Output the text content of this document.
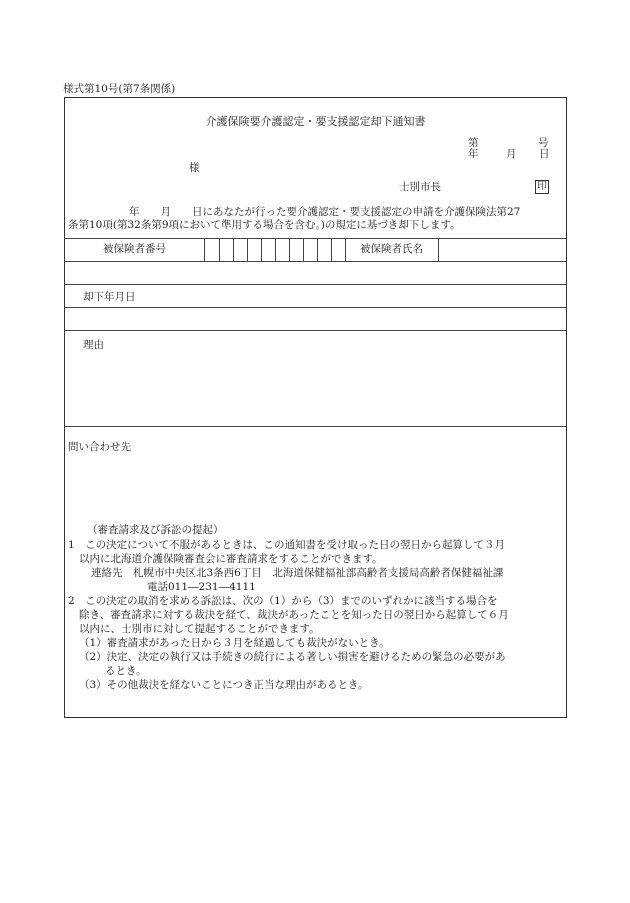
様式第10号(第7条関係)
介護保険要介護認定・要支援認定却下通知書
第	号
年	月 日
様
士別市長	印
年　　月　　日にあなたが行った要介護認定・要支援認定の申請を介護保険法第27
条第10項(第32条第9項において準用する場合を含む。)の規定に基づき却下します。
被保険者番号	被保険者氏名
却下年月日
理由
問い合わせ先
（審査請求及び訴訟の提起）
1　この決定について不服があるときは、この通知書を受け取った日の翌日から起算して３月
以内に北海道介護保険審査会に審査請求をすることができます。
連絡先　札幌市中央区北3条西6丁目　北海道保健福祉部高齢者支援局高齢者保健福祉課
電話011―231―4111
2　この決定の取消を求める訴訟は、次の（1）から（3）までのいずれかに該当する場合を
除き、審査請求に対する裁決を経て、裁決があったことを知った日の翌日から起算して６月
以内に、士別市に対して提起することができます。
（1）審査請求があった日から３月を経過しても裁決がないとき。
（2）決定、決定の執行又は手続きの続行による著しい損害を避けるための緊急の必要があ
るとき。
（3）その他裁決を経ないことにつき正当な理由があるとき。
